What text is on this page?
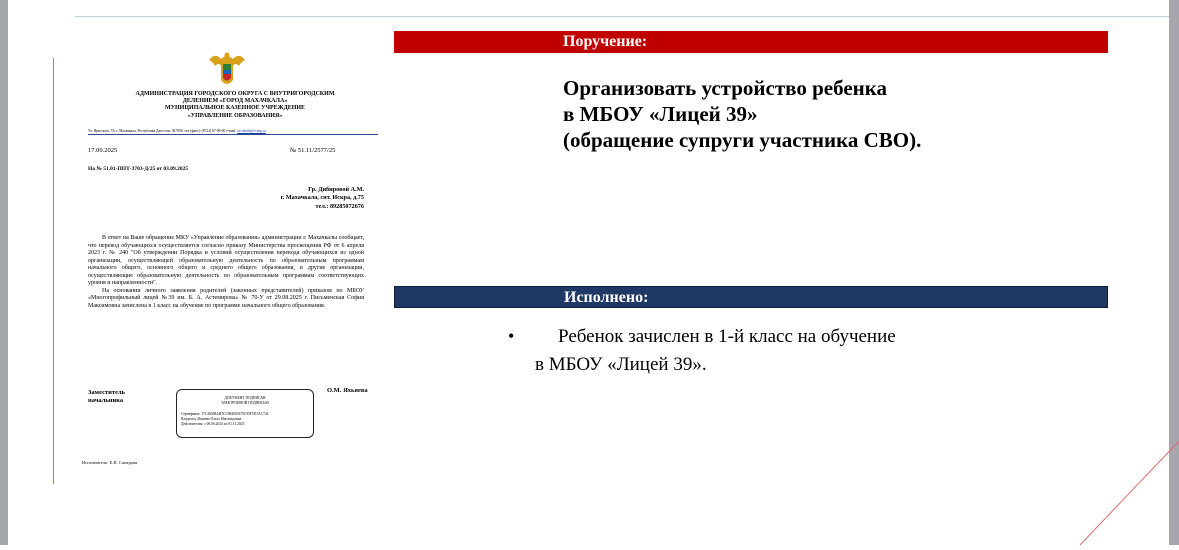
АДМИНИСТРАЦИЯ ГОРОДСКОГО ОКРУГА С ВНУТРИГОРОДСКИМ
ДЕЛЕНИЕМ «ГОРОД МАХАЧКАЛА»
МУНИЦИПАЛЬНОЕ КАЗЕННОЕ УЧРЕЖДЕНИЕ
«УПРАВЛЕНИЕ ОБРАЗОВАНИЯ»
Ул. Ярагского, 55, г. Махачкала, Республика Дагестан, 367000, тел (факс): (8722) 67-06-00 e-mail: uo.mkala@e-dag.ru
17.09.2025	№ 51.11/2577/25
На № 51.01-ППТ-3703-Д/25 от 03.09.2025
Гр. Дибировой А.М.
г. Махачкала, снт. Искра, д.75
тел.: 89285072676

В ответ на Ваше обращение МКУ «Управление образования» администрации г. Махачкалы сообщает, что перевод обучающихся осуществляется согласно приказу Министерства просвещения РФ от 6 апреля 2023 г. № 240 "Об утверждении Порядка и условий осуществления перевода обучающихся из одной организации, осуществляющей образовательную деятельность по образовательным программам начального общего, основного общего и среднего общего образования, в другие организации, осуществляющие образовательную деятельность по образовательным программам соответствующих уровня и направленности".

На основании личного заявления родителей (законных представителей) приказом по МБОУ «Многопрофильный лицей №39 им. Б. А. Астемирова» № 70-У от 29.08.2025 г. Письменская София Максимовна зачислена в 1 класс на обучение по программе начального общего образования.

Заместитель
начальника	ДОКУМЕНТ ПОДПИСАН
ЭЛЕКТРОННОЙ ПОДПИСЬЮ
Сертификат: 17C4650844F5C1984063375C95F5D1AC724
Владелец: Яхьяева Ольга Магомедовна
Действителен: с 06.06.2024 по 01.11.2025
О.М. Яхьяева
Исполнитель: Е.И. Самедова
Поручение:
Организовать устройство ребенка
в МБОУ «Лицей 39»
(обращение супруги участника СВО).
Исполнено:
• Ребенок зачислен в 1-й класс на обучение
в МБОУ «Лицей 39».
